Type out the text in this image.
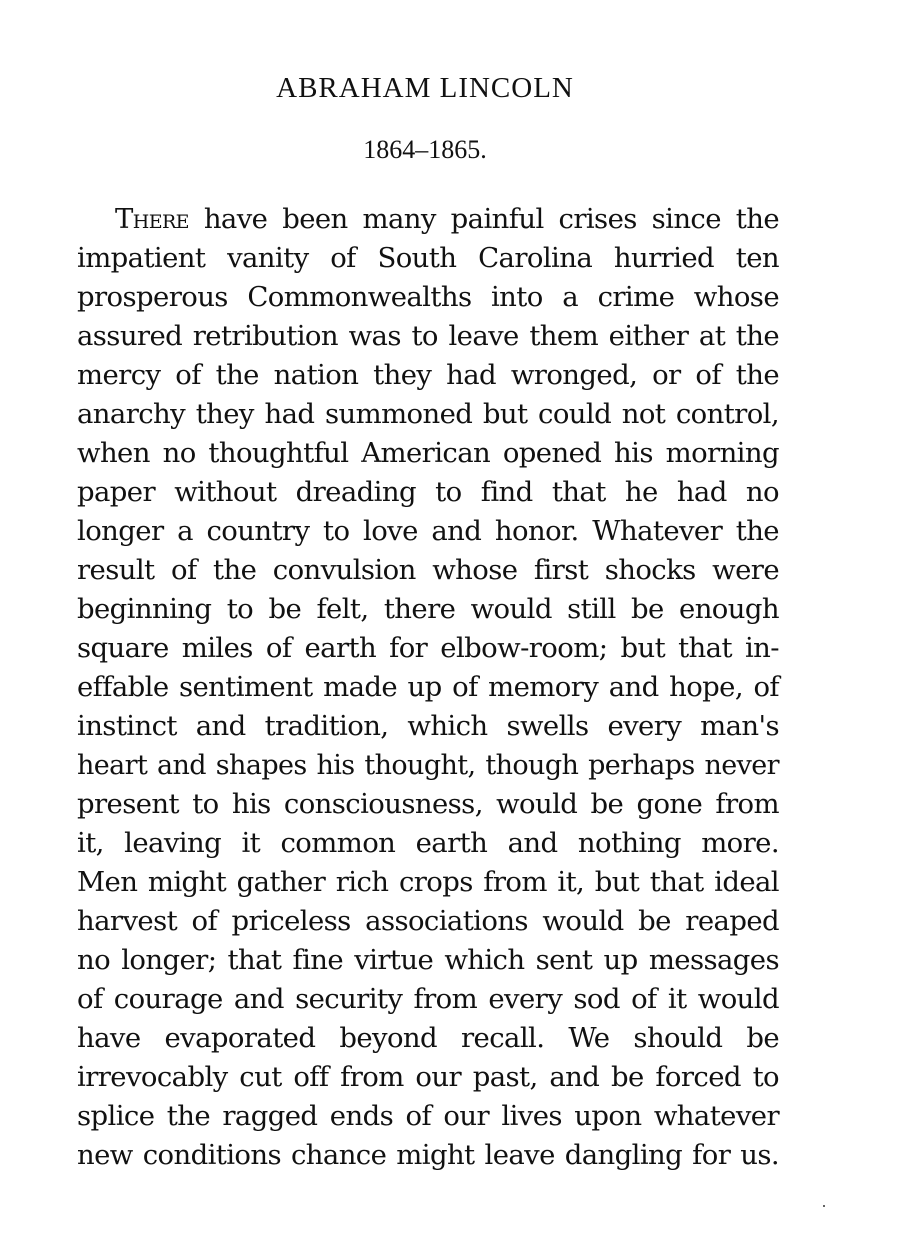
ABRAHAM LINCOLN
1864–1865.
There have been many painful crises since the
impatient vanity of South Carolina hurried ten
prosperous Commonwealths into a crime whose
assured retribution was to leave them either at the
mercy of the nation they had wronged, or of the
anarchy they had summoned but could not control,
when no thoughtful American opened his morning
paper without dreading to find that he had no
longer a country to love and honor. Whatever the
result of the convulsion whose first shocks were
beginning to be felt, there would still be enough
square miles of earth for elbow-room; but that in-
effable sentiment made up of memory and hope, of
instinct and tradition, which swells every man's
heart and shapes his thought, though perhaps never
present to his consciousness, would be gone from
it, leaving it common earth and nothing more.
Men might gather rich crops from it, but that ideal
harvest of priceless associations would be reaped
no longer; that fine virtue which sent up messages
of courage and security from every sod of it would
have evaporated beyond recall. We should be
irrevocably cut off from our past, and be forced to
splice the ragged ends of our lives upon whatever
new conditions chance might leave dangling for us.
